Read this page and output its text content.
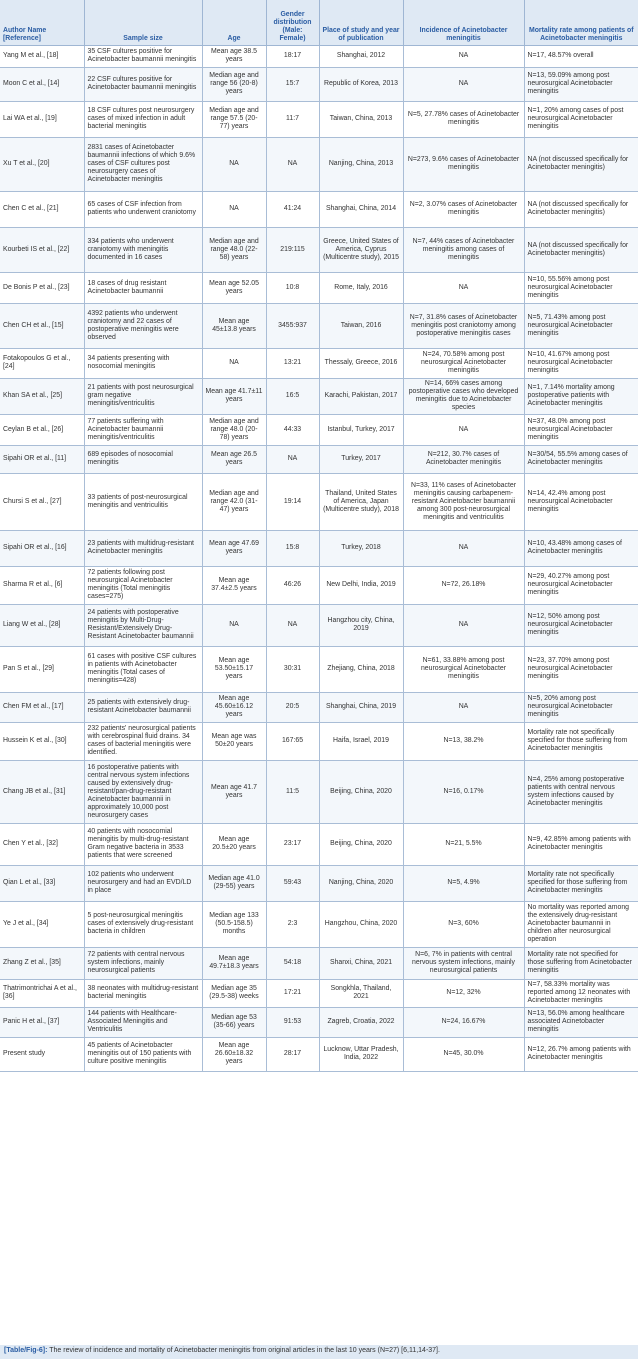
Author Name [Reference]	Sample size	Age	Gender distribution (Male: Female)	Place of study and year of publication	Incidence of Acinetobacter meningitis	Mortality rate among patients of Acinetobacter meningitis
Yang M et al., [18]	35 CSF cultures positive for Acinetobacter baumannii meningitis	Mean age 38.5 years	18:17	Shanghai, 2012	NA	N=17, 48.57% overall
Moon C et al., [14]	22 CSF cultures positive for Acinetobacter baumannii meningitis	Median age and range 56 (20-8) years	15:7	Republic of Korea, 2013	NA	N=13, 59.09% among post neurosurgical Acinetobacter meningitis
Lai WA et al., [19]	18 CSF cultures post neurosurgery cases of mixed infection in adult bacterial meningitis	Median age and range 57.5 (20-77) years	11:7	Taiwan, China, 2013	N=5, 27.78% cases of Acinetobacter meningitis	N=1, 20% among cases of post neurosurgical Acinetobacter meningitis
Xu T et al., [20]	2831 cases of Acinetobacter baumannii infections of which 9.6% cases of CSF cultures post neurosurgery cases of Acinetobacter meningitis	NA	NA	Nanjing, China, 2013	N=273, 9.6% cases of Acinetobacter meningitis	NA (not discussed specifically for Acinetobacter meningitis)
Chen C et al., [21]	65 cases of CSF infection from patients who underwent craniotomy	NA	41:24	Shanghai, China, 2014	N=2, 3.07% cases of Acinetobacter meningitis	NA (not discussed specifically for Acinetobacter meningitis)
Kourbeti IS et al., [22]	334 patients who underwent craniotomy with meningitis documented in 16 cases	Median age and range 48.0 (22-58) years	219:115	Greece, United States of America, Cyprus (Multicentre study), 2015	N=7, 44% cases of Acinetobacter meningitis among cases of meningitis	NA (not discussed specifically for Acinetobacter meningitis)
De Bonis P et al., [23]	18 cases of drug resistant Acinetobacter baumannii	Mean age 52.05 years	10:8	Rome, Italy, 2016	NA	N=10, 55.56% among post neurosurgical Acinetobacter meningitis
Chen CH et al., [15]	4392 patients who underwent craniotomy and 22 cases of postoperative meningitis were observed	Mean age 45±13.8 years	3455:937	Taiwan, 2016	N=7, 31.8% cases of Acinetobacter meningitis post craniotomy among postoperative meningitis cases	N=5, 71.43% among post neurosurgical Acinetobacter meningitis
Fotakopoulos G et al., [24]	34 patients presenting with nosocomial meningitis	NA	13:21	Thessaly, Greece, 2016	N=24, 70.58% among post neurosurgical Acinetobacter meningitis	N=10, 41.67% among post neurosurgical Acinetobacter meningitis
Khan SA et al., [25]	21 patients with post neurosurgical gram negative meningitis/ventriculitis	Mean age 41.7±11 years	16:5	Karachi, Pakistan, 2017	N=14, 66% cases among postoperative cases who developed meningitis due to Acinetobacter species	N=1, 7.14% mortality among postoperative patients with Acinetobacter meningitis
Ceylan B et al., [26]	77 patients suffering with Acinetobacter baumannii meningitis/ventriculitis	Median age and range 48.0 (20-78) years	44:33	Istanbul, Turkey, 2017	NA	N=37, 48.0% among post neurosurgical Acinetobacter meningitis
Sipahi OR et al., [11]	689 episodes of nosocomial meningitis	Mean age 26.5 years	NA	Turkey, 2017	N=212, 30.7% cases of Acinetobacter meningitis	N=30/54, 55.5% among cases of Acinetobacter meningitis
Chursi S et al., [27]	33 patients of post-neurosurgical meningitis and ventriculitis	Median age and range 42.0 (31-47) years	19:14	Thailand, United States of America, Japan (Multicentre study), 2018	N=33, 11% cases of Acinetobacter meningitis causing carbapenem-resistant Acinetobacter baumannii among 300 post-neurosurgical meningitis and ventriculitis	N=14, 42.4% among post neurosurgical Acinetobacter meningitis
Sipahi OR et al., [16]	23 patients with multidrug-resistant Acinetobacter meningitis	Mean age 47.69 years	15:8	Turkey, 2018	NA	N=10, 43.48% among cases of Acinetobacter meningitis
Sharma R et al., [6]	72 patients following post neurosurgical Acinetobacter meningitis (Total meningitis cases=275)	Mean age 37.4±2.5 years	46:26	New Delhi, India, 2019	N=72, 26.18%	N=29, 40.27% among post neurosurgical Acinetobacter meningitis
Liang W et al., [28]	24 patients with postoperative meningitis by Multi-Drug-Resistant/Extensively Drug-Resistant Acinetobacter baumannii	NA	NA	Hangzhou city, China, 2019	NA	N=12, 50% among post neurosurgical Acinetobacter meningitis
Pan S et al., [29]	61 cases with positive CSF cultures in patients with Acinetobacter meningitis (Total cases of meningitis=428)	Mean age 53.50±15.17 years	30:31	Zhejiang, China, 2018	N=61, 33.88% among post neurosurgical Acinetobacter meningitis	N=23, 37.70% among post neurosurgical Acinetobacter meningitis
Chen FM et al., [17]	25 patients with extensively drug-resistant Acinetobacter baumannii	Mean age 45.60±16.12 years	20:5	Shanghai, China, 2019	NA	N=5, 20% among post neurosurgical Acinetobacter meningitis
Hussein K et al., [30]	232 patients' neurosurgical patients with cerebrospinal fluid drains. 34 cases of bacterial meningitis were identified.	Mean age was 50±20 years	167:65	Haifa, Israel, 2019	N=13, 38.2%	Mortality rate not specifically specified for those suffering from Acinetobacter meningitis
Chang JB et al., [31]	16 postoperative patients with central nervous system infections caused by extensively drug-resistant/pan-drug-resistant Acinetobacter baumannii in approximately 10,000 post neurosurgery cases	Mean age 41.7 years	11:5	Beijing, China, 2020	N=16, 0.17%	N=4, 25% among postoperative patients with central nervous system infections caused by Acinetobacter meningitis
Chen Y et al., [32]	40 patients with nosocomial meningitis by multi-drug-resistant Gram negative bacteria in 3533 patients that were screened	Mean age 20.5±20 years	23:17	Beijing, China, 2020	N=21, 5.5%	N=9, 42.85% among patients with Acinetobacter meningitis
Qian L et al., [33]	102 patients who underwent neurosurgery and had an EVD/LD in place	Median age 41.0 (29-55) years	59:43	Nanjing, China, 2020	N=5, 4.9%	Mortality rate not specifically specified for those suffering from Acinetobacter meningitis
Ye J et al., [34]	5 post-neurosurgical meningitis cases of extensively drug-resistant bacteria in children	Median age 133 (50.5-158.5) months	2:3	Hangzhou, China, 2020	N=3, 60%	No mortality was reported among the extensively drug-resistant Acinetobacter baumannii in children after neurosurgical operation
Zhang Z et al., [35]	72 patients with central nervous system infections, mainly neurosurgical patients	Mean age 49.7±18.3 years	54:18	Shanxi, China, 2021	N=6, 7% in patients with central nervous system infections, mainly neurosurgical patients	Mortality rate not specified for those suffering from Acinetobacter meningitis
Thatrimontrichai A et al., [36]	38 neonates with multidrug-resistant bacterial meningitis	Median age 35 (29.5-38) weeks	17:21	Songkhla, Thailand, 2021	N=12, 32%	N=7, 58.33% mortality was reported among 12 neonates with Acinetobacter meningitis
Panic H et al., [37]	144 patients with Healthcare-Associated Meningitis and Ventriculitis	Median age 53 (35-66) years	91:53	Zagreb, Croatia, 2022	N=24, 16.67%	N=13, 56.0% among healthcare associated Acinetobacter meningitis
Present study	45 patients of Acinetobacter meningitis out of 150 patients with culture positive meningitis	Mean age 26.60±18.32 years	28:17	Lucknow, Uttar Pradesh, India, 2022	N=45, 30.0%	N=12, 26.7% among patients with Acinetobacter meningitis
[Table/Fig-6]: The review of incidence and mortality of Acinetobacter meningitis from original articles in the last 10 years (N=27) [6,11,14-37].
